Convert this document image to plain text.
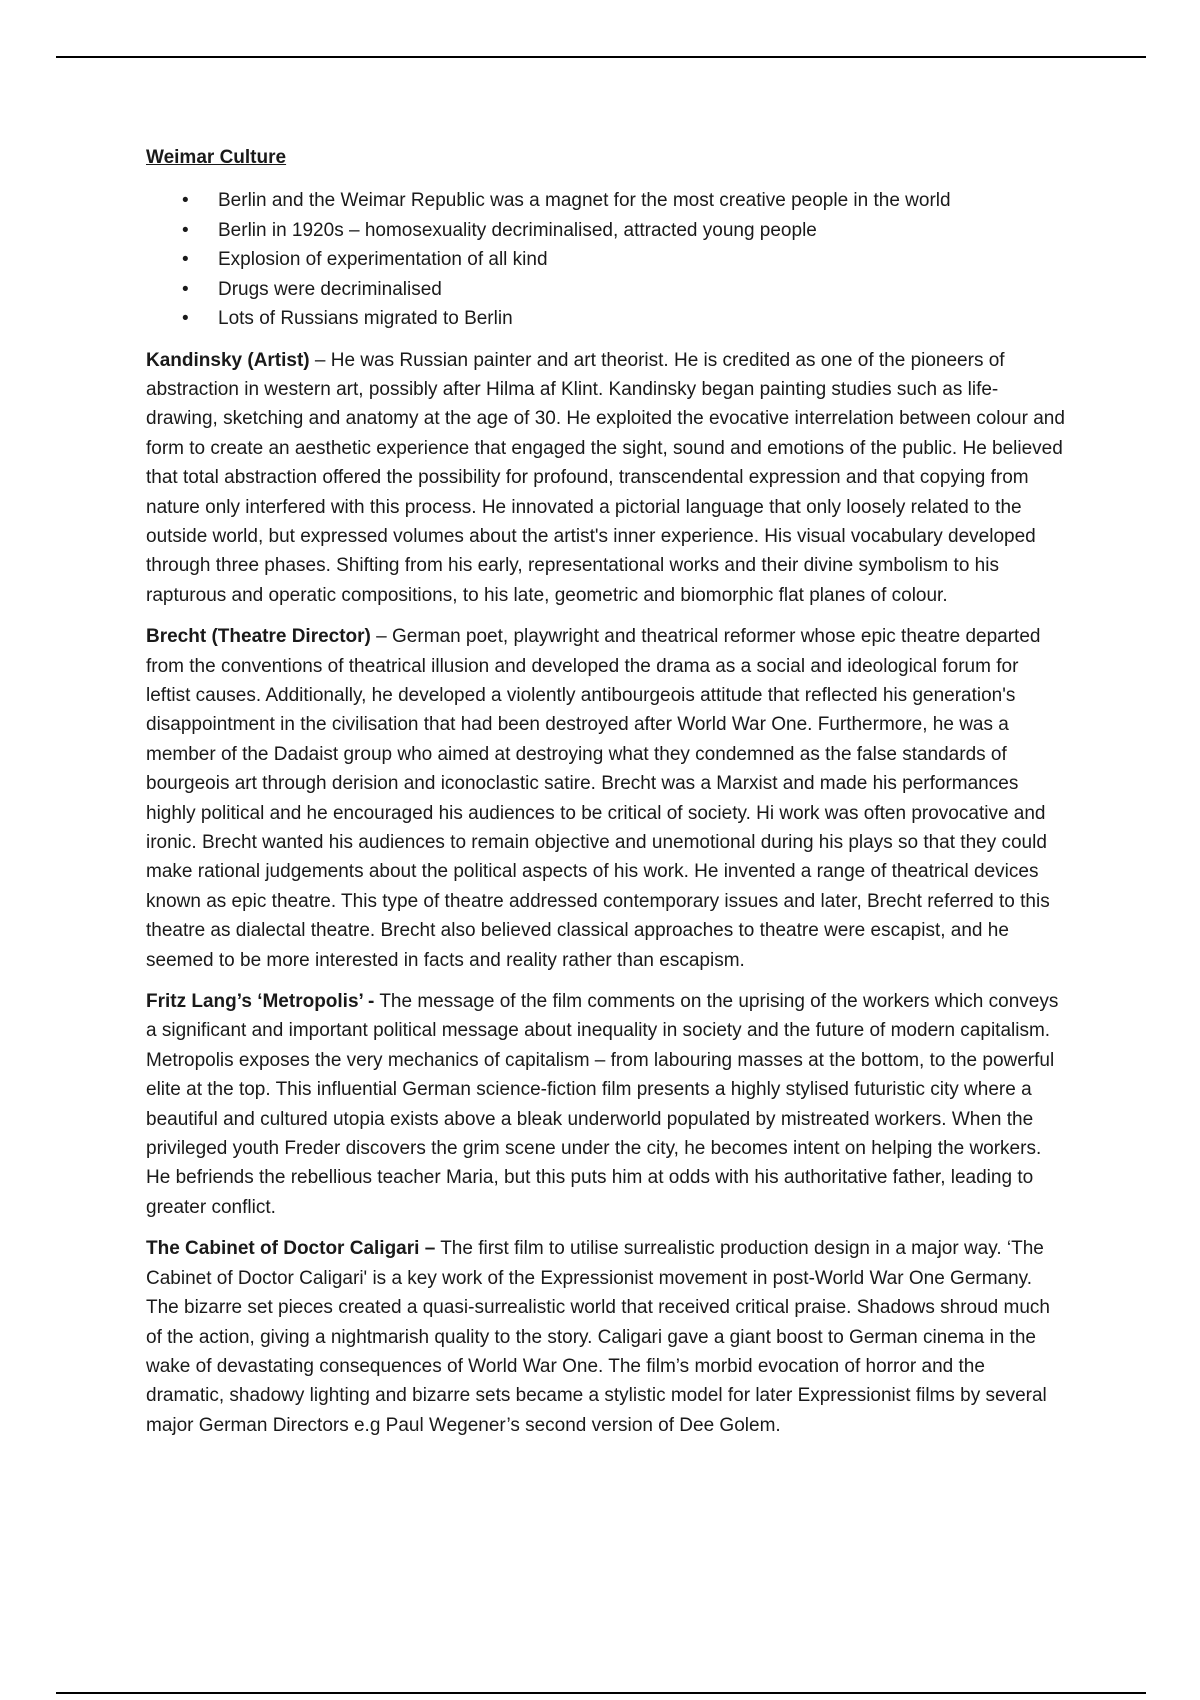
Weimar Culture
• Berlin and the Weimar Republic was a magnet for the most creative people in the world
• Berlin in 1920s – homosexuality decriminalised, attracted young people
• Explosion of experimentation of all kind
• Drugs were decriminalised
• Lots of Russians migrated to Berlin

Kandinsky (Artist) – He was Russian painter and art theorist. He is credited as one of the pioneers of abstraction in western art, possibly after Hilma af Klint. Kandinsky began painting studies such as life-drawing, sketching and anatomy at the age of 30. He exploited the evocative interrelation between colour and form to create an aesthetic experience that engaged the sight, sound and emotions of the public. He believed that total abstraction offered the possibility for profound, transcendental expression and that copying from nature only interfered with this process. He innovated a pictorial language that only loosely related to the outside world, but expressed volumes about the artist's inner experience. His visual vocabulary developed through three phases. Shifting from his early, representational works and their divine symbolism to his rapturous and operatic compositions, to his late, geometric and biomorphic flat planes of colour.

Brecht (Theatre Director) – German poet, playwright and theatrical reformer whose epic theatre departed from the conventions of theatrical illusion and developed the drama as a social and ideological forum for leftist causes. Additionally, he developed a violently antibourgeois attitude that reflected his generation's disappointment in the civilisation that had been destroyed after World War One. Furthermore, he was a member of the Dadaist group who aimed at destroying what they condemned as the false standards of bourgeois art through derision and iconoclastic satire. Brecht was a Marxist and made his performances highly political and he encouraged his audiences to be critical of society. Hi work was often provocative and ironic. Brecht wanted his audiences to remain objective and unemotional during his plays so that they could make rational judgements about the political aspects of his work. He invented a range of theatrical devices known as epic theatre. This type of theatre addressed contemporary issues and later, Brecht referred to this theatre as dialectal theatre. Brecht also believed classical approaches to theatre were escapist, and he seemed to be more interested in facts and reality rather than escapism.

Fritz Lang’s ‘Metropolis’ - The message of the film comments on the uprising of the workers which conveys a significant and important political message about inequality in society and the future of modern capitalism. Metropolis exposes the very mechanics of capitalism – from labouring masses at the bottom, to the powerful elite at the top. This influential German science-fiction film presents a highly stylised futuristic city where a beautiful and cultured utopia exists above a bleak underworld populated by mistreated workers. When the privileged youth Freder discovers the grim scene under the city, he becomes intent on helping the workers. He befriends the rebellious teacher Maria, but this puts him at odds with his authoritative father, leading to greater conflict.

The Cabinet of Doctor Caligari – The first film to utilise surrealistic production design in a major way. ‘The Cabinet of Doctor Caligari' is a key work of the Expressionist movement in post-World War One Germany. The bizarre set pieces created a quasi-surrealistic world that received critical praise. Shadows shroud much of the action, giving a nightmarish quality to the story. Caligari gave a giant boost to German cinema in the wake of devastating consequences of World War One. The film’s morbid evocation of horror and the dramatic, shadowy lighting and bizarre sets became a stylistic model for later Expressionist films by several major German Directors e.g Paul Wegener’s second version of Dee Golem.
